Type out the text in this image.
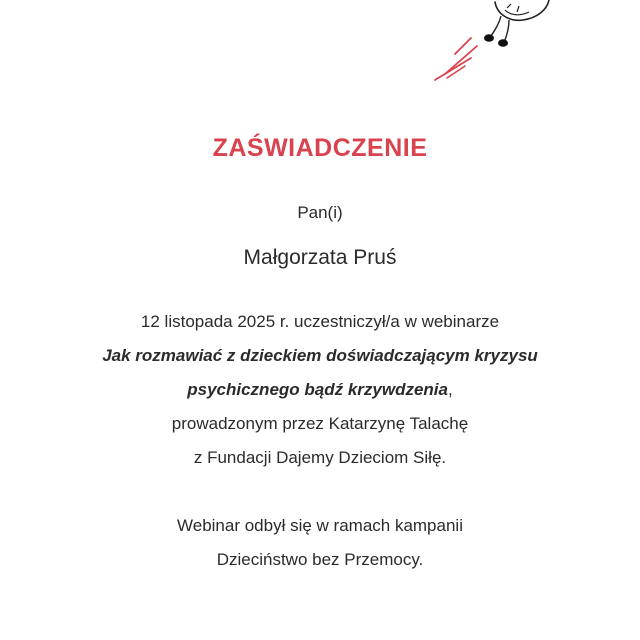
ZAŚWIADCZENIE
Pan(i)
Małgorzata Pruś
12 listopada 2025 r. uczestniczył/a w webinarze
Jak rozmawiać z dzieckiem doświadczającym kryzysu
psychicznego bądź krzywdzenia,
prowadzonym przez Katarzynę Talachę
z Fundacji Dajemy Dzieciom Siłę.
Webinar odbył się w ramach kampanii
Dzieciństwo bez Przemocy.
